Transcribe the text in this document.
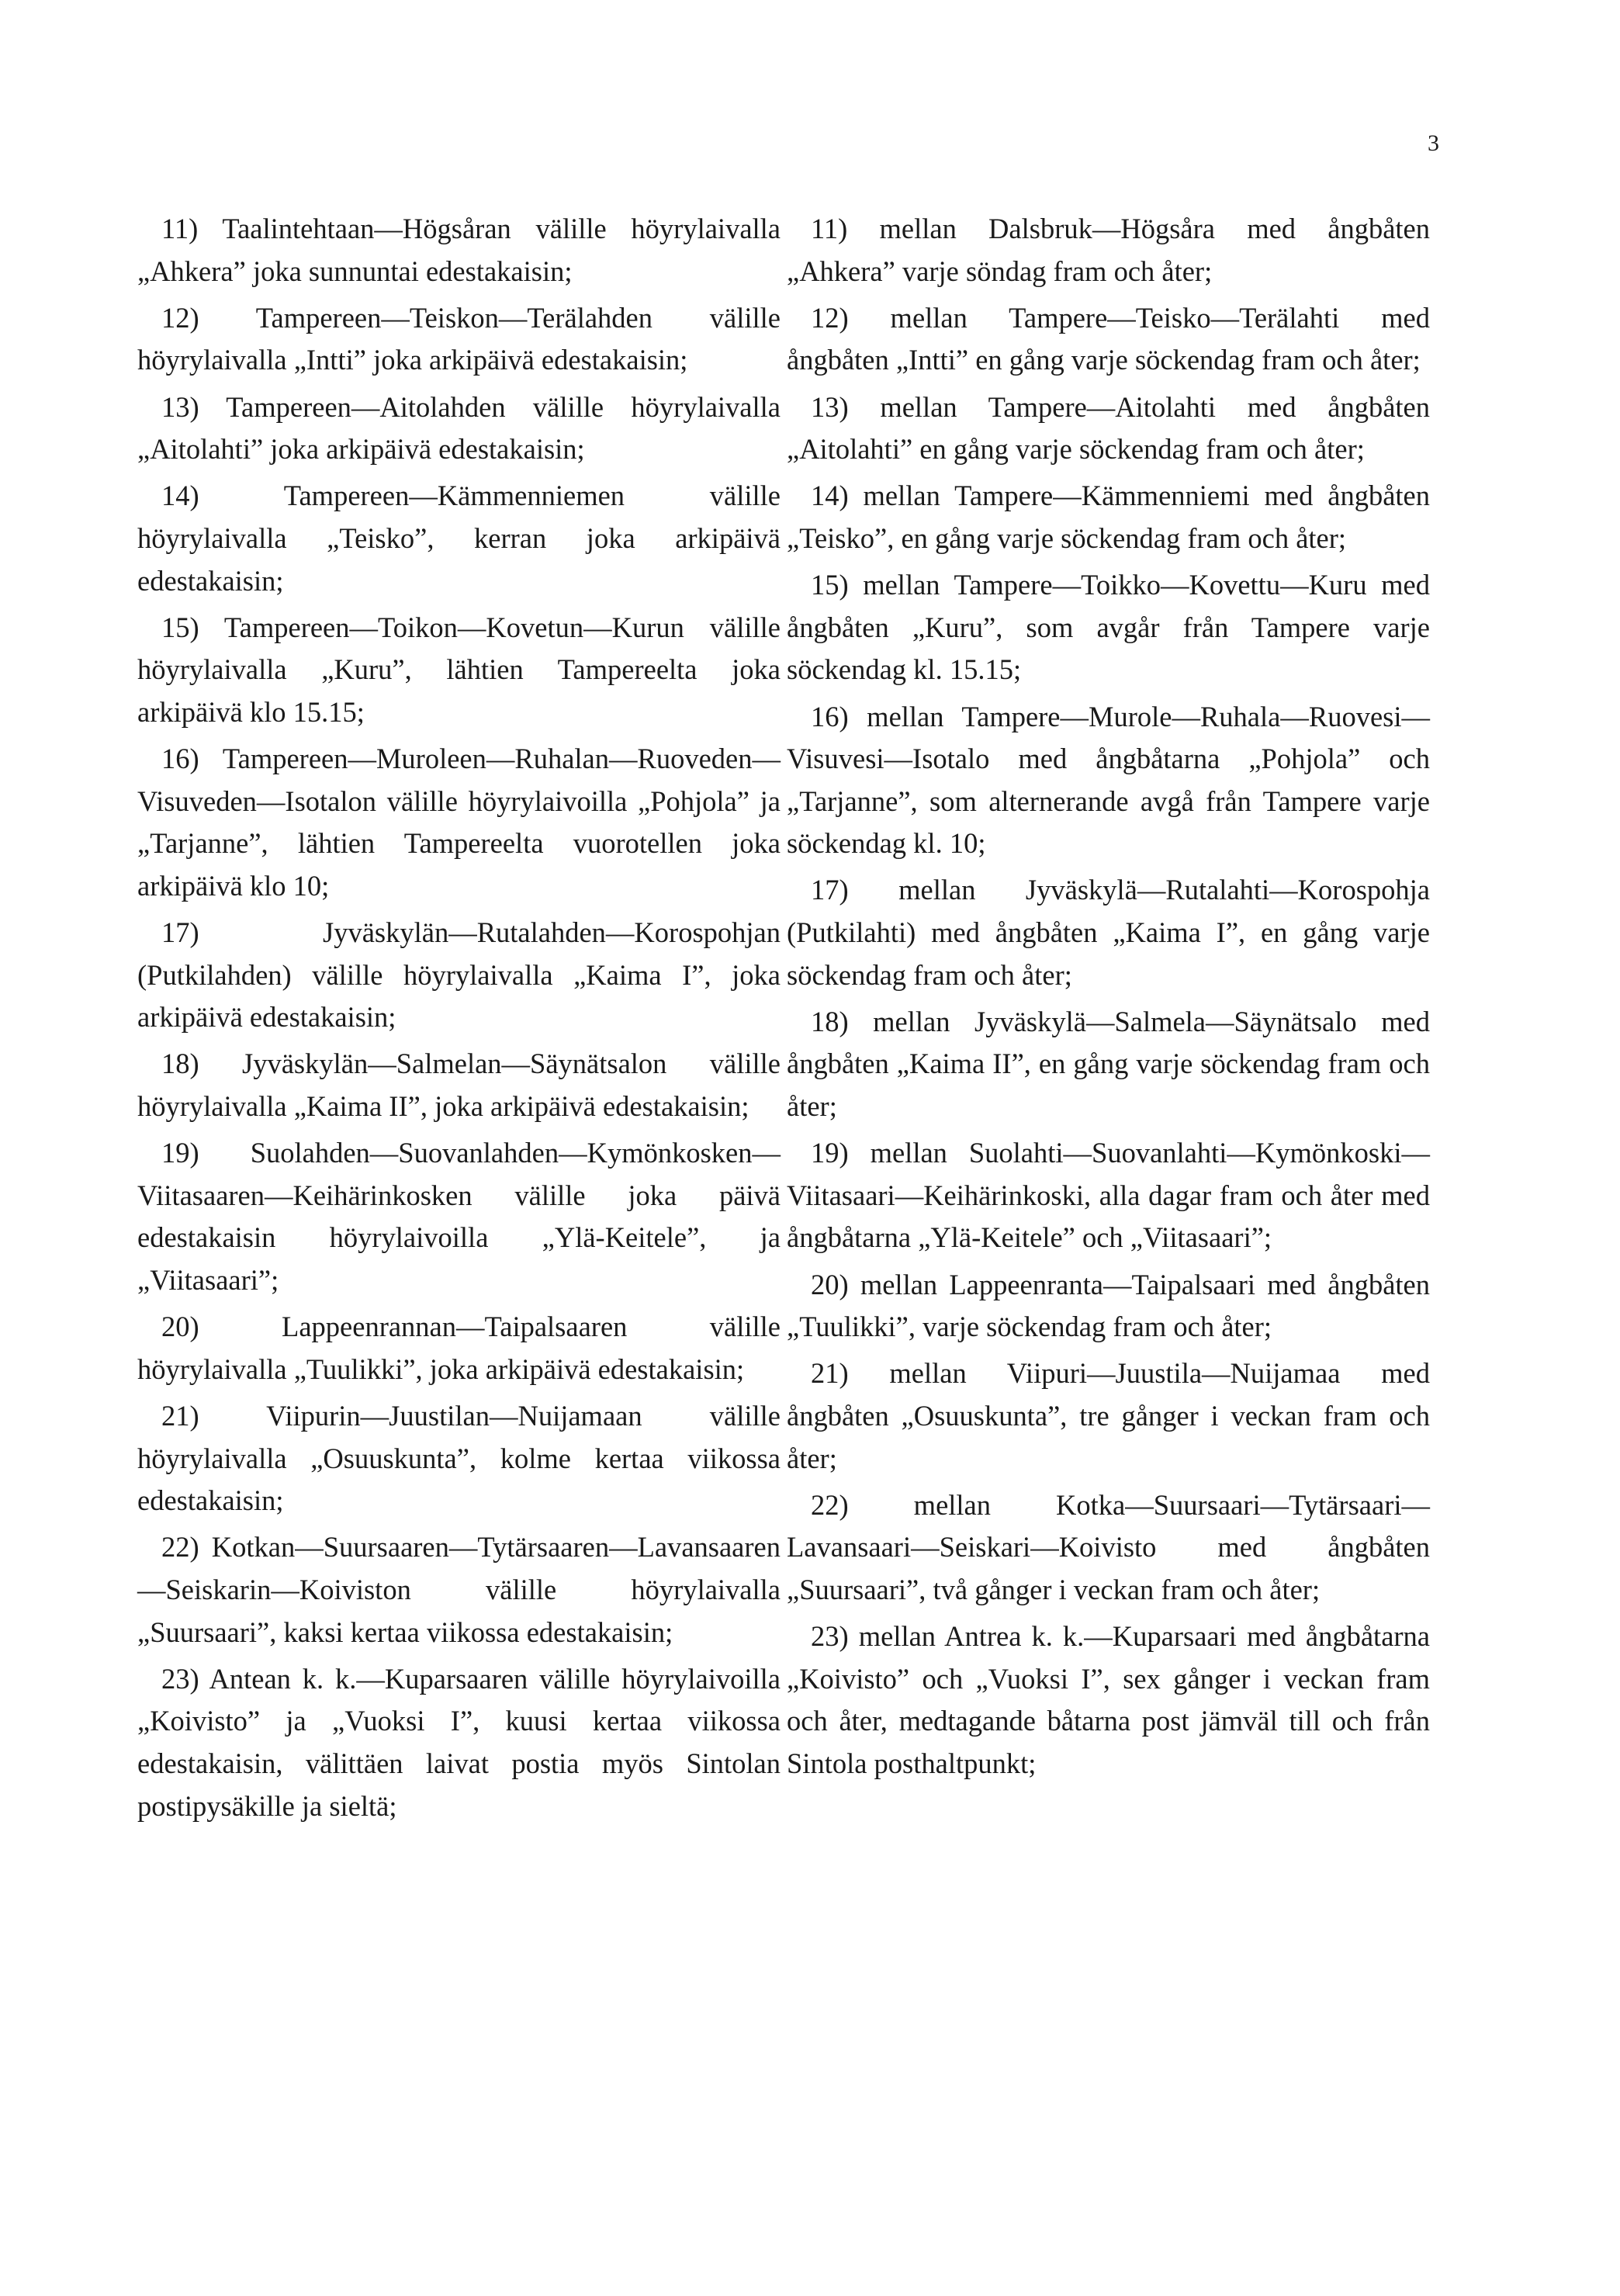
3

11) Taalintehtaan—Högsåran välille höyrylaivalla „Ahkera” joka sunnuntai edestakaisin;

12) Tampereen—Teiskon—Terälahden välille höyrylaivalla „Intti” joka arkipäivä edestakaisin;

13) Tampereen—Aitolahden välille höyrylaivalla „Aitolahti” joka arkipäivä edestakaisin;

14) Tampereen—Kämmenniemen välille höyrylaivalla „Teisko”, kerran joka arkipäivä edestakaisin;

15) Tampereen—Toikon—Kovetun—Kurun välille höyrylaivalla „Kuru”, lähtien Tampereelta joka arkipäivä klo 15.15;

16) Tampereen—Muroleen—Ruhalan—Ruoveden—Visuveden—Isotalon välille höyrylaivoilla „Pohjola” ja „Tarjanne”, lähtien Tampereelta vuorotellen joka arkipäivä klo 10;

17) Jyväskylän—Rutalahden—Korospohjan (Putkilahden) välille höyrylaivalla „Kaima I”, joka arkipäivä edestakaisin;

18) Jyväskylän—Salmelan—Säynätsalon välille höyrylaivalla „Kaima II”, joka arkipäivä edestakaisin;

19) Suolahden—Suovanlahden—Kymönkosken—Viitasaaren—Keihärinkosken välille joka päivä edestakaisin höyrylaivoilla „Ylä-Keitele”, ja „Viitasaari”;

20) Lappeenrannan—Taipalsaaren välille höyrylaivalla „Tuulikki”, joka arkipäivä edestakaisin;

21) Viipurin—Juustilan—Nuijamaan välille höyrylaivalla „Osuuskunta”, kolme kertaa viikossa edestakaisin;

22) Kotkan—Suursaaren—Tytärsaaren—Lavansaaren—Seiskarin—Koiviston välille höyrylaivalla „Suursaari”, kaksi kertaa viikossa edestakaisin;

23) Antean k. k.—Kuparsaaren välille höyrylaivoilla „Koivisto” ja „Vuoksi I”, kuusi kertaa viikossa edestakaisin, välittäen laivat postia myös Sintolan postipysäkille ja sieltä;

11) mellan Dalsbruk—Högsåra med ångbåten „Ahkera” varje söndag fram och åter;

12) mellan Tampere—Teisko—Terälahti med ångbåten „Intti” en gång varje söckendag fram och åter;

13) mellan Tampere—Aitolahti med ångbåten „Aitolahti” en gång varje söckendag fram och åter;

14) mellan Tampere—Kämmenniemi med ångbåten „Teisko”, en gång varje söckendag fram och åter;

15) mellan Tampere—Toikko—Kovettu—Kuru med ångbåten „Kuru”, som avgår från Tampere varje söckendag kl. 15.15;

16) mellan Tampere—Murole—Ruhala—Ruovesi—Visuvesi—Isotalo med ångbåtarna „Pohjola” och „Tarjanne”, som alternerande avgå från Tampere varje söckendag kl. 10;

17) mellan Jyväskylä—Rutalahti—Korospohja (Putkilahti) med ångbåten „Kaima I”, en gång varje söckendag fram och åter;

18) mellan Jyväskylä—Salmela—Säynätsalo med ångbåten „Kaima II”, en gång varje söckendag fram och åter;

19) mellan Suolahti—Suovanlahti—Kymönkoski—Viitasaari—Keihärinkoski, alla dagar fram och åter med ångbåtarna „Ylä-Keitele” och „Viitasaari”;

20) mellan Lappeenranta—Taipalsaari med ångbåten „Tuulikki”, varje söckendag fram och åter;

21) mellan Viipuri—Juustila—Nuijamaa med ångbåten „Osuuskunta”, tre gånger i veckan fram och åter;

22) mellan Kotka—Suursaari—Tytärsaari—Lavansaari—Seiskari—Koivisto med ångbåten „Suursaari”, två gånger i veckan fram och åter;

23) mellan Antrea k. k.—Kuparsaari med ångbåtarna „Koivisto” och „Vuoksi I”, sex gånger i veckan fram och åter, medtagande båtarna post jämväl till och från Sintola posthaltpunkt;
